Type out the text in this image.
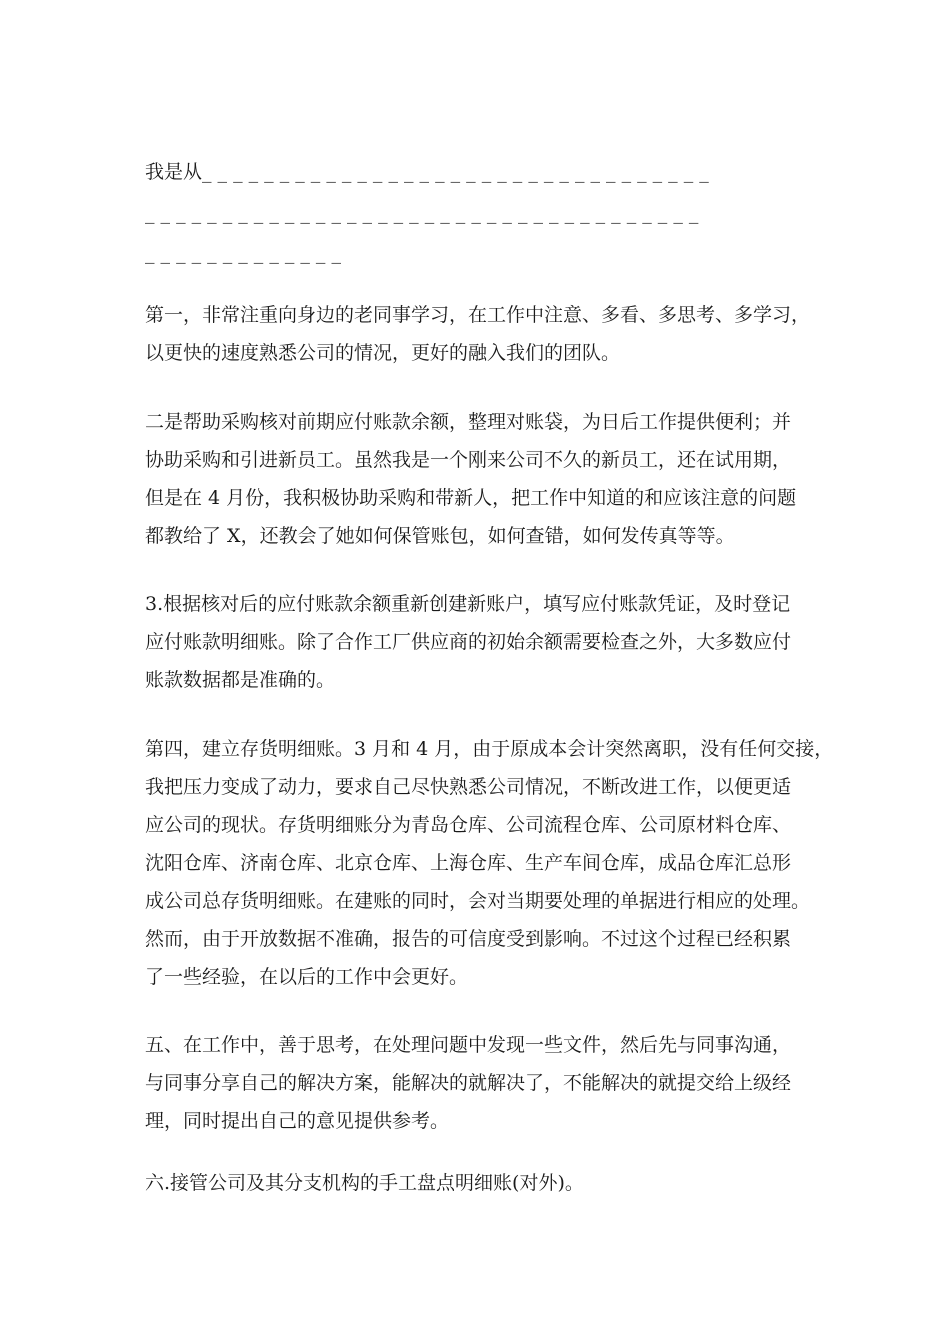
我是从_ _ _ _ _ _ _ _ _ _ _ _ _ _ _ _ _ _ _ _ _ _ _ _ _ _ _ _ _ _ _ _ _
_ _ _ _ _ _ _ _ _ _ _ _ _ _ _ _ _ _ _ _ _ _ _ _ _ _ _ _ _ _ _ _ _ _ _ _
_ _ _ _ _ _ _ _ _ _ _ _ _
第一，非常注重向身边的老同事学习，在工作中注意、多看、多思考、多学习，
以更快的速度熟悉公司的情况，更好的融入我们的团队。
二是帮助采购核对前期应付账款余额，整理对账袋，为日后工作提供便利；并
协助采购和引进新员工。虽然我是一个刚来公司不久的新员工，还在试用期，
但是在 4 月份，我积极协助采购和带新人，把工作中知道的和应该注意的问题
都教给了 X，还教会了她如何保管账包，如何查错，如何发传真等等。
3.根据核对后的应付账款余额重新创建新账户，填写应付账款凭证，及时登记
应付账款明细账。除了合作工厂供应商的初始余额需要检查之外，大多数应付
账款数据都是准确的。
第四，建立存货明细账。3 月和 4 月，由于原成本会计突然离职，没有任何交接，
我把压力变成了动力，要求自己尽快熟悉公司情况，不断改进工作，以便更适
应公司的现状。存货明细账分为青岛仓库、公司流程仓库、公司原材料仓库、
沈阳仓库、济南仓库、北京仓库、上海仓库、生产车间仓库，成品仓库汇总形
成公司总存货明细账。在建账的同时，会对当期要处理的单据进行相应的处理。
然而，由于开放数据不准确，报告的可信度受到影响。不过这个过程已经积累
了一些经验，在以后的工作中会更好。
五、在工作中，善于思考，在处理问题中发现一些文件，然后先与同事沟通，
与同事分享自己的解决方案，能解决的就解决了，不能解决的就提交给上级经
理，同时提出自己的意见提供参考。
六.接管公司及其分支机构的手工盘点明细账(对外)。
